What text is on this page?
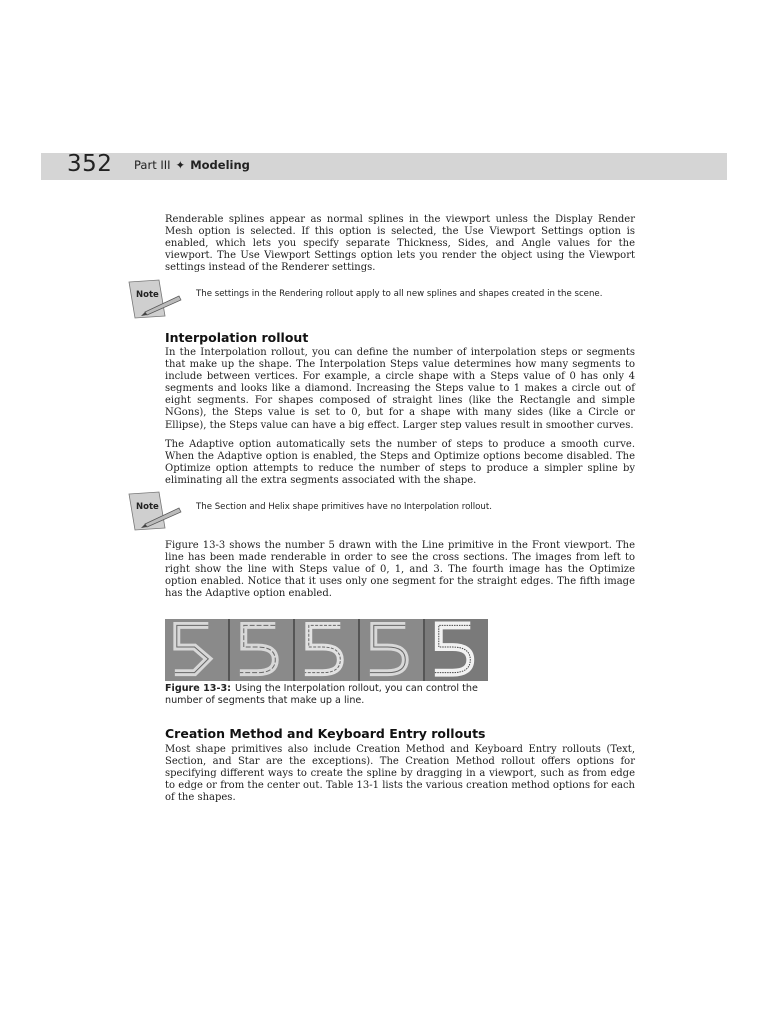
352 Part III ✦ Modeling

Renderable splines appear as normal splines in the viewport unless the Display Render Mesh option is selected. If this option is selected, the Use Viewport Settings option is enabled, which lets you specify separate Thickness, Sides, and Angle values for the viewport. The Use Viewport Settings option lets you render the object using the Viewport settings instead of the Renderer settings.

Note	The settings in the Rendering rollout apply to all new splines and shapes created in the scene.

Interpolation rollout

In the Interpolation rollout, you can define the number of interpolation steps or segments that make up the shape. The Interpolation Steps value determines how many segments to include between vertices. For example, a circle shape with a Steps value of 0 has only 4 segments and looks like a diamond. Increasing the Steps value to 1 makes a circle out of eight segments. For shapes composed of straight lines (like the Rectangle and simple NGons), the Steps value is set to 0, but for a shape with many sides (like a Circle or Ellipse), the Steps value can have a big effect. Larger step values result in smoother curves.

The Adaptive option automatically sets the number of steps to produce a smooth curve. When the Adaptive option is enabled, the Steps and Optimize options become disabled. The Optimize option attempts to reduce the number of steps to produce a simpler spline by eliminating all the extra segments associated with the shape.

Note	The Section and Helix shape primitives have no Interpolation rollout.

Figure 13-3 shows the number 5 drawn with the Line primitive in the Front viewport. The line has been made renderable in order to see the cross sections. The images from left to right show the line with Steps value of 0, 1, and 3. The fourth image has the Optimize option enabled. Notice that it uses only one segment for the straight edges. The fifth image has the Adaptive option enabled.

Figure 13-3: Using the Interpolation rollout, you can control the number of segments that make up a line.

Creation Method and Keyboard Entry rollouts

Most shape primitives also include Creation Method and Keyboard Entry rollouts (Text, Section, and Star are the exceptions). The Creation Method rollout offers options for specifying different ways to create the spline by dragging in a viewport, such as from edge to edge or from the center out. Table 13-1 lists the various creation method options for each of the shapes.
